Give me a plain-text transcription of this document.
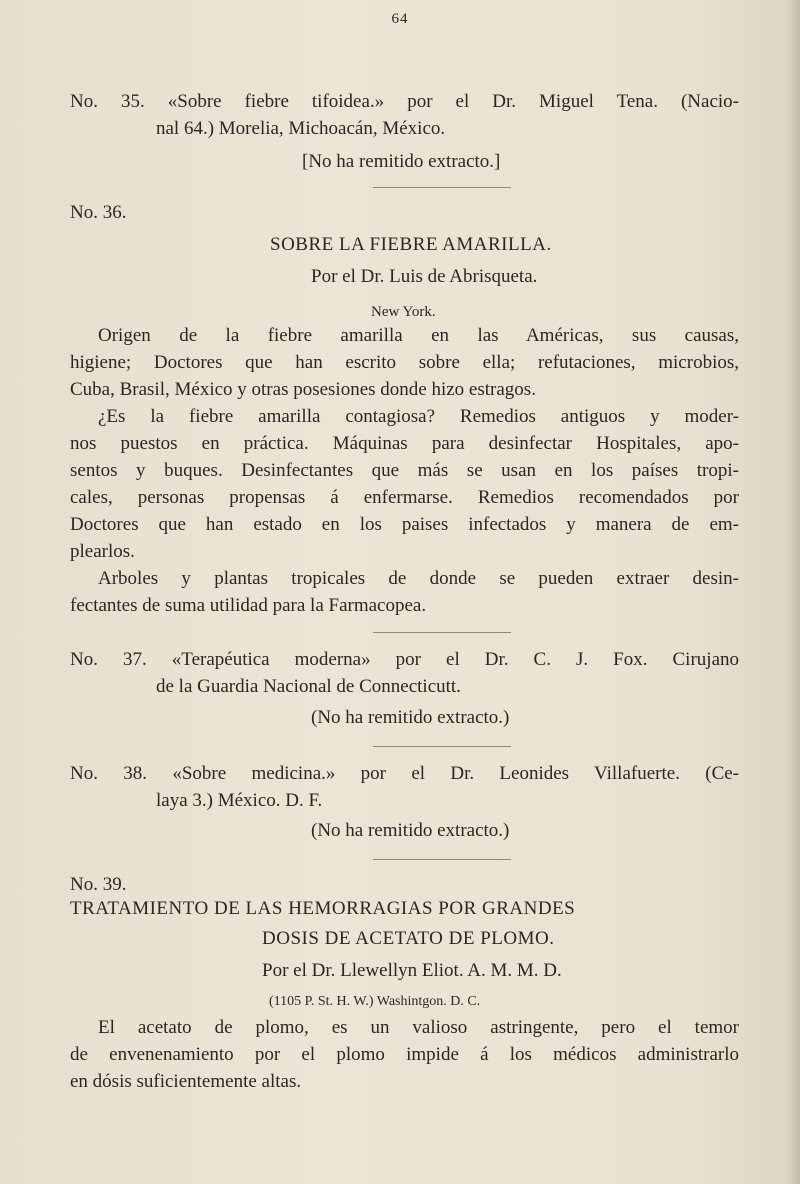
64
No. 35. «Sobre fiebre tifoidea.» por el Dr. Miguel Tena. (Nacio-
nal 64.) Morelia, Michoacán, México.
[No ha remitido extracto.]
No. 36.
SOBRE LA FIEBRE AMARILLA.
Por el Dr. Luis de Abrisqueta.
New York.
Origen de la fiebre amarilla en las Américas, sus causas,
higiene; Doctores que han escrito sobre ella; refutaciones, microbios,
Cuba, Brasil, México y otras posesiones donde hizo estragos.
¿Es la fiebre amarilla contagiosa? Remedios antiguos y moder-
nos puestos en práctica. Máquinas para desinfectar Hospitales, apo-
sentos y buques. Desinfectantes que más se usan en los países tropi-
cales, personas propensas á enfermarse. Remedios recomendados por
Doctores que han estado en los paises infectados y manera de em-
plearlos.
Arboles y plantas tropicales de donde se pueden extraer desin-
fectantes de suma utilidad para la Farmacopea.
No. 37. «Terapéutica moderna» por el Dr. C. J. Fox. Cirujano
de la Guardia Nacional de Connecticutt.
(No ha remitido extracto.)
No. 38. «Sobre medicina.» por el Dr. Leonides Villafuerte. (Ce-
laya 3.) México. D. F.
(No ha remitido extracto.)
No. 39.
TRATAMIENTO DE LAS HEMORRAGIAS POR GRANDES
DOSIS DE ACETATO DE PLOMO.
Por el Dr. Llewellyn Eliot. A. M. M. D.
(1105 P. St. H. W.) Washintgon. D. C.
El acetato de plomo, es un valioso astringente, pero el temor
de envenenamiento por el plomo impide á los médicos administrarlo
en dósis suficientemente altas.
